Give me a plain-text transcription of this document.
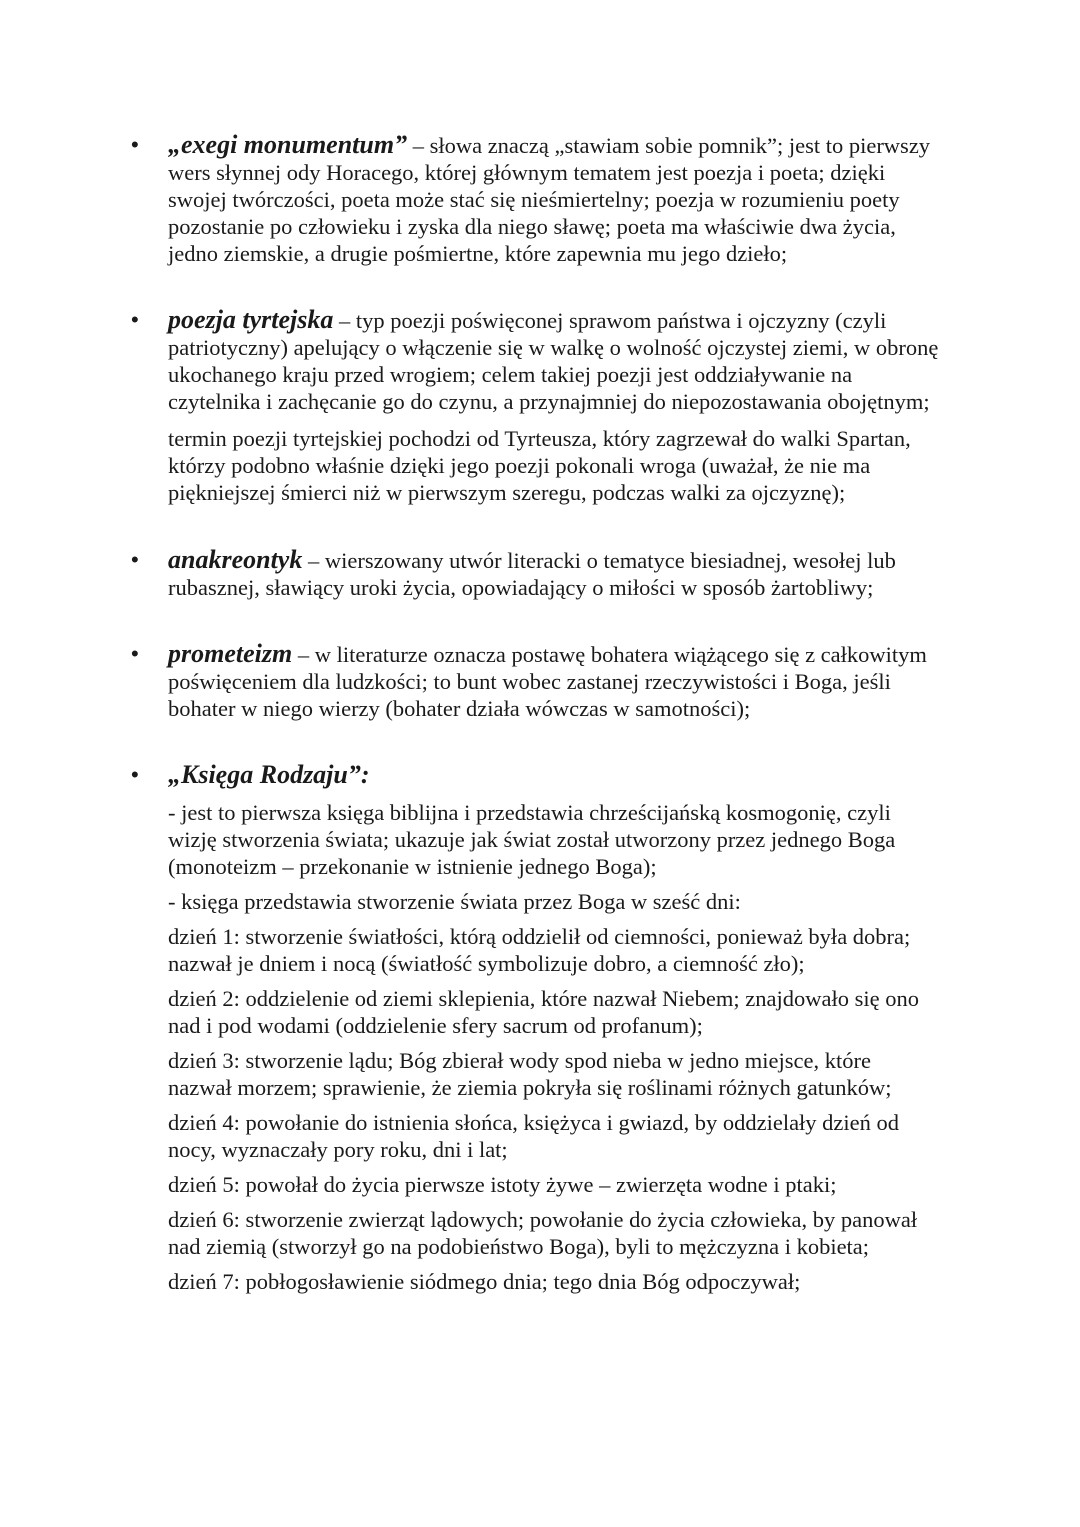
• „exegi monumentum” – słowa znaczą „stawiam sobie pomnik”; jest to pierwszy
wers słynnej ody Horacego, której głównym tematem jest poezja i poeta; dzięki
swojej twórczości, poeta może stać się nieśmiertelny; poezja w rozumieniu poety
pozostanie po człowieku i zyska dla niego sławę; poeta ma właściwie dwa życia,
jedno ziemskie, a drugie pośmiertne, które zapewnia mu jego dzieło;

• poezja tyrtejska – typ poezji poświęconej sprawom państwa i ojczyzny (czyli
patriotyczny) apelujący o włączenie się w walkę o wolność ojczystej ziemi, w obronę
ukochanego kraju przed wrogiem; celem takiej poezji jest oddziaływanie na
czytelnika i zachęcanie go do czynu, a przynajmniej do niepozostawania obojętnym;

termin poezji tyrtejskiej pochodzi od Tyrteusza, który zagrzewał do walki Spartan,
którzy podobno właśnie dzięki jego poezji pokonali wroga (uważał, że nie ma
piękniejszej śmierci niż w pierwszym szeregu, podczas walki za ojczyznę);

• anakreontyk – wierszowany utwór literacki o tematyce biesiadnej, wesołej lub
rubasznej, sławiący uroki życia, opowiadający o miłości w sposób żartobliwy;

• prometeizm – w literaturze oznacza postawę bohatera wiążącego się z całkowitym
poświęceniem dla ludzkości; to bunt wobec zastanej rzeczywistości i Boga, jeśli
bohater w niego wierzy (bohater działa wówczas w samotności);

• „Księga Rodzaju”:

- jest to pierwsza księga biblijna i przedstawia chrześcijańską kosmogonię, czyli
wizję stworzenia świata; ukazuje jak świat został utworzony przez jednego Boga
(monoteizm – przekonanie w istnienie jednego Boga);

- księga przedstawia stworzenie świata przez Boga w sześć dni:

dzień 1: stworzenie światłości, którą oddzielił od ciemności, ponieważ była dobra;
nazwał je dniem i nocą (światłość symbolizuje dobro, a ciemność zło);

dzień 2: oddzielenie od ziemi sklepienia, które nazwał Niebem; znajdowało się ono
nad i pod wodami (oddzielenie sfery sacrum od profanum);

dzień 3: stworzenie lądu; Bóg zbierał wody spod nieba w jedno miejsce, które
nazwał morzem; sprawienie, że ziemia pokryła się roślinami różnych gatunków;

dzień 4: powołanie do istnienia słońca, księżyca i gwiazd, by oddzielały dzień od
nocy, wyznaczały pory roku, dni i lat;

dzień 5: powołał do życia pierwsze istoty żywe – zwierzęta wodne i ptaki;

dzień 6: stworzenie zwierząt lądowych; powołanie do życia człowieka, by panował
nad ziemią (stworzył go na podobieństwo Boga), byli to mężczyzna i kobieta;

dzień 7: pobłogosławienie siódmego dnia; tego dnia Bóg odpoczywał;
